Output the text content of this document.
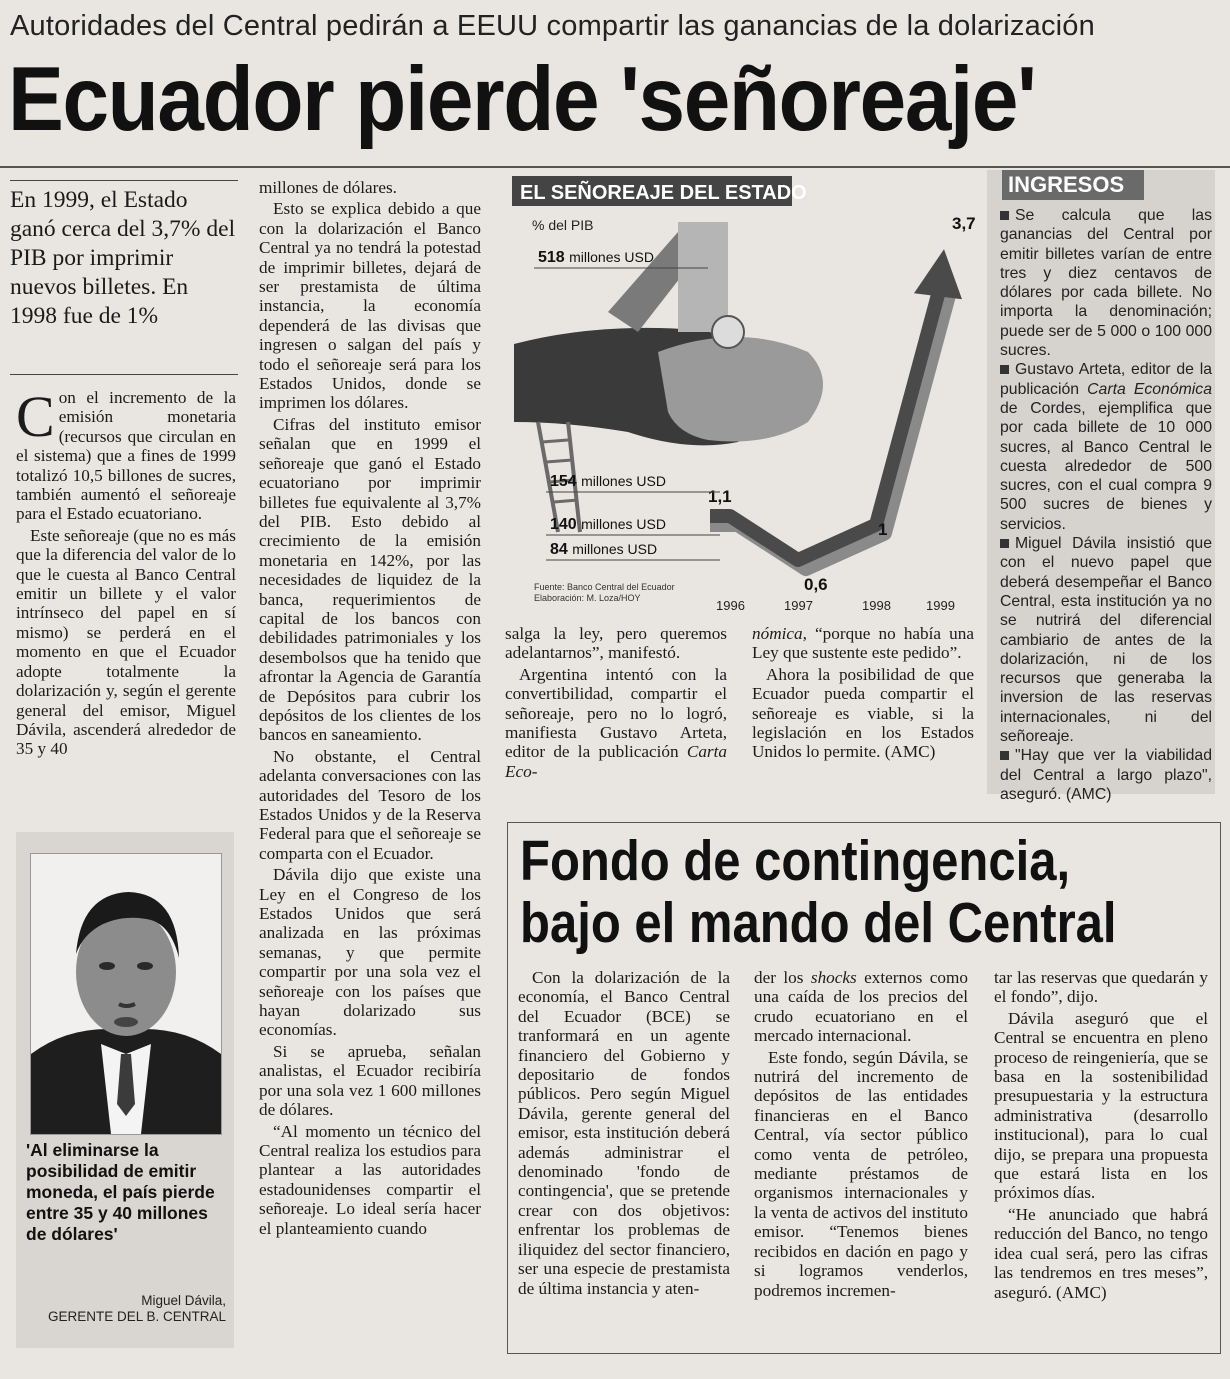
Autoridades del Central pedirán a EEUU compartir las ganancias de la dolarización
Ecuador pierde 'señoreaje'
En 1999, el Estado ganó cerca del 3,7% del PIB por imprimir nuevos billetes. En 1998 fue de 1%

Con el incremento de la emisión monetaria (recursos que circulan en el sistema) que a fines de 1999 totalizó 10,5 billones de sucres, también aumentó el señoreaje para el Estado ecuatoriano.

Este señoreaje (que no es más que la diferencia del valor de lo que le cuesta al Banco Central emitir un billete y el valor intrínseco del papel en sí mismo) se perderá en el momento en que el Ecuador adopte totalmente la dolarización y, según el gerente general del emisor, Miguel Dávila, ascenderá alrededor de 35 y 40

'Al eliminarse la posibilidad de emitir moneda, el país pierde entre 35 y 40 millones de dólares'
Miguel Dávila,
GERENTE DEL B. CENTRAL

millones de dólares.

Esto se explica debido a que con la dolarización el Banco Central ya no tendrá la potestad de imprimir billetes, dejará de ser prestamista de última instancia, la economía dependerá de las divisas que ingresen o salgan del país y todo el señoreaje será para los Estados Unidos, donde se imprimen los dólares.

Cifras del instituto emisor señalan que en 1999 el señoreaje que ganó el Estado ecuatoriano por imprimir billetes fue equivalente al 3,7% del PIB. Esto debido al crecimiento de la emisión monetaria en 142%, por las necesidades de liquidez de la banca, requerimientos de capital de los bancos con debilidades patrimoniales y los desembolsos que ha tenido que afrontar la Agencia de Garantía de Depósitos para cubrir los depósitos de los clientes de los bancos en saneamiento.

No obstante, el Central adelanta conversaciones con las autoridades del Tesoro de los Estados Unidos y de la Reserva Federal para que el señoreaje se comparta con el Ecuador.

Dávila dijo que existe una Ley en el Congreso de los Estados Unidos que será analizada en las próximas semanas, y que permite compartir por una sola vez el señoreaje con los países que hayan dolarizado sus economías.

Si se aprueba, señalan analistas, el Ecuador recibiría por una sola vez 1 600 millones de dólares.

“Al momento un técnico del Central realiza los estudios para plantear a las autoridades estadounidenses compartir el señoreaje. Lo ideal sería hacer el planteamiento cuando

EL SEÑOREAJE DEL ESTADO
% del PIB
1996	1997	1998	1999
1,1
0,6
1
3,7
518 millones USD
154 millones USD
140 millones USD
84 millones USD
Fuente: Banco Central del Ecuador
Elaboración: M. Loza/HOY

salga la ley, pero queremos adelantarnos”, manifestó.

Argentina intentó con la convertibilidad, compartir el señoreaje, pero no lo logró, manifiesta Gustavo Arteta, editor de la publicación Carta Eco-

nómica, “porque no había una Ley que sustente este pedido”.

Ahora la posibilidad de que Ecuador pueda compartir el señoreaje es viable, si la legislación en los Estados Unidos lo permite. (AMC)

INGRESOS

Se calcula que las ganancias del Central por emitir billetes varían de entre tres y diez centavos de dólares por cada billete. No importa la denominación; puede ser de 5 000 o 100 000 sucres.

Gustavo Arteta, editor de la publicación Carta Económica de Cordes, ejemplifica que por cada billete de 10 000 sucres, al Banco Central le cuesta alrededor de 500 sucres, con el cual compra 9 500 sucres de bienes y servicios.

Miguel Dávila insistió que con el nuevo papel que deberá desempeñar el Banco Central, esta institución ya no se nutrirá del diferencial cambiario de antes de la dolarización, ni de los recursos que generaba la inversion de las reservas internacionales, ni del señoreaje.

"Hay que ver la viabilidad del Central a largo plazo", aseguró. (AMC)

Fondo de contingencia,
bajo el mando del Central

Con la dolarización de la economía, el Banco Central del Ecuador (BCE) se tranformará en un agente financiero del Gobierno y depositario de fondos públicos. Pero según Miguel Dávila, gerente general del emisor, esta institución deberá además administrar el denominado 'fondo de contingencia', que se pretende crear con dos objetivos: enfrentar los problemas de iliquidez del sector financiero, ser una especie de prestamista de última instancia y aten-

der los shocks externos como una caída de los precios del crudo ecuatoriano en el mercado internacional.

Este fondo, según Dávila, se nutrirá del incremento de depósitos de las entidades financieras en el Banco Central, vía sector público como venta de petróleo, mediante préstamos de organismos internacionales y la venta de activos del instituto emisor. “Tenemos bienes recibidos en dación en pago y si logramos venderlos, podremos incremen-

tar las reservas que quedarán y el fondo”, dijo.

Dávila aseguró que el Central se encuentra en pleno proceso de reingeniería, que se basa en la sostenibilidad presupuestaria y la estructura administrativa (desarrollo institucional), para lo cual dijo, se prepara una propuesta que estará lista en los próximos días.

“He anunciado que habrá reducción del Banco, no tengo idea cual será, pero las cifras las tendremos en tres meses”, aseguró. (AMC)
